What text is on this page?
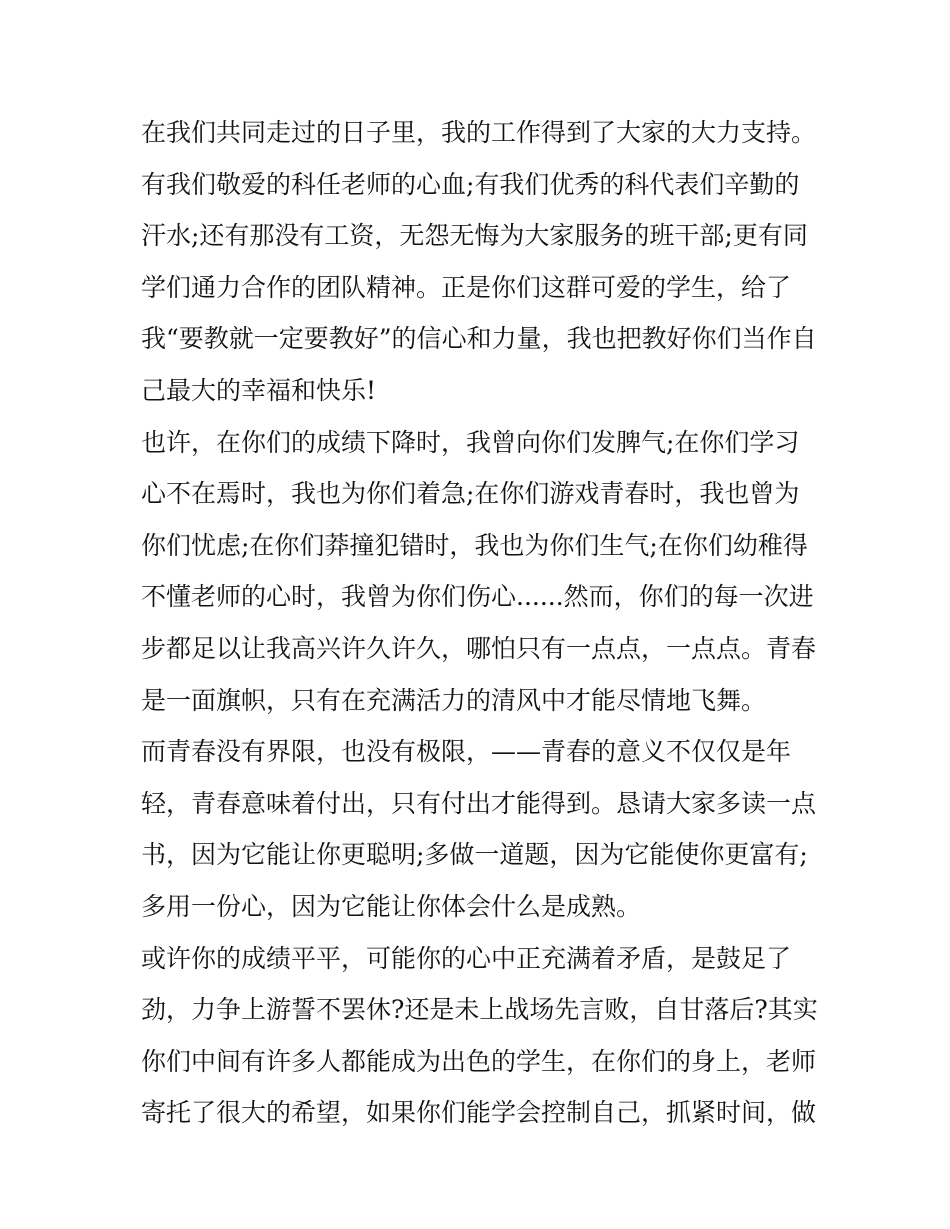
在我们共同走过的日子里，我的工作得到了大家的大力支持。
有我们敬爱的科任老师的心血;有我们优秀的科代表们辛勤的
汗水;还有那没有工资，无怨无悔为大家服务的班干部;更有同
学们通力合作的团队精神。正是你们这群可爱的学生，给了
我“要教就一定要教好”的信心和力量，我也把教好你们当作自
己最大的幸福和快乐!
也许，在你们的成绩下降时，我曾向你们发脾气;在你们学习
心不在焉时，我也为你们着急;在你们游戏青春时，我也曾为
你们忧虑;在你们莽撞犯错时，我也为你们生气;在你们幼稚得
不懂老师的心时，我曾为你们伤心......然而，你们的每一次进
步都足以让我高兴许久许久，哪怕只有一点点，一点点。青春
是一面旗帜，只有在充满活力的清风中才能尽情地飞舞。
而青春没有界限，也没有极限，——青春的意义不仅仅是年
轻，青春意味着付出，只有付出才能得到。恳请大家多读一点
书，因为它能让你更聪明;多做一道题，因为它能使你更富有;
多用一份心，因为它能让你体会什么是成熟。
或许你的成绩平平，可能你的心中正充满着矛盾，是鼓足了
劲，力争上游誓不罢休?还是未上战场先言败，自甘落后?其实
你们中间有许多人都能成为出色的学生，在你们的身上，老师
寄托了很大的希望，如果你们能学会控制自己，抓紧时间，做
